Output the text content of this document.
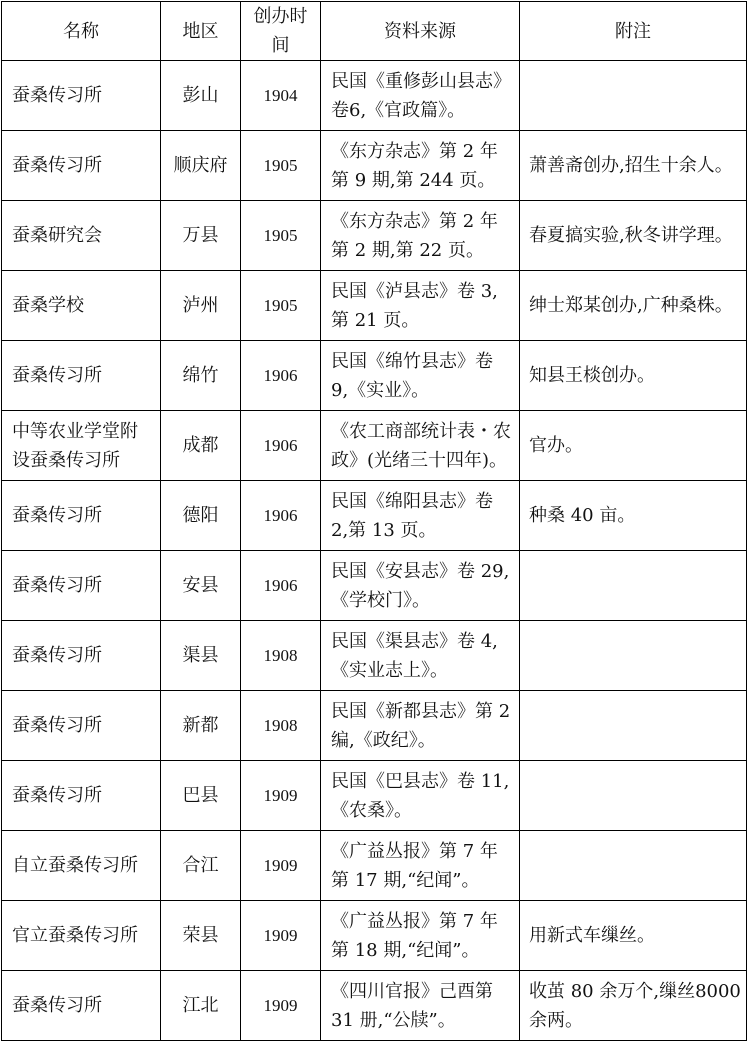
名称	地区	创办时间	资料来源	附注
蚕桑传习所	彭山	1904	民国《重修彭山县志》卷6,《官政篇》。	
蚕桑传习所	顺庆府	1905	《东方杂志》第 2 年第 9 期,第 244 页。	萧善斋创办,招生十余人。
蚕桑研究会	万县	1905	《东方杂志》第 2 年第 2 期,第 22 页。	春夏搞实验,秋冬讲学理。
蚕桑学校	泸州	1905	民国《泸县志》卷 3,第 21 页。	绅士郑某创办,广种桑株。
蚕桑传习所	绵竹	1906	民国《绵竹县志》卷 9,《实业》。	知县王棪创办。
中等农业学堂附设蚕桑传习所	成都	1906	《农工商部统计表・农政》(光绪三十四年)。	官办。
蚕桑传习所	德阳	1906	民国《绵阳县志》卷 2,第 13 页。	种桑 40 亩。
蚕桑传习所	安县	1906	民国《安县志》卷 29,《学校门》。	
蚕桑传习所	渠县	1908	民国《渠县志》卷 4,《实业志上》。	
蚕桑传习所	新都	1908	民国《新都县志》第 2 编,《政纪》。	
蚕桑传习所	巴县	1909	民国《巴县志》卷 11,《农桑》。	
自立蚕桑传习所	合江	1909	《广益丛报》第 7 年第 17 期,“纪闻”。	
官立蚕桑传习所	荣县	1909	《广益丛报》第 7 年第 18 期,“纪闻”。	用新式车缫丝。
蚕桑传习所	江北	1909	《四川官报》己酉第 31 册,“公牍”。	收茧 80 余万个,缫丝8000余两。
